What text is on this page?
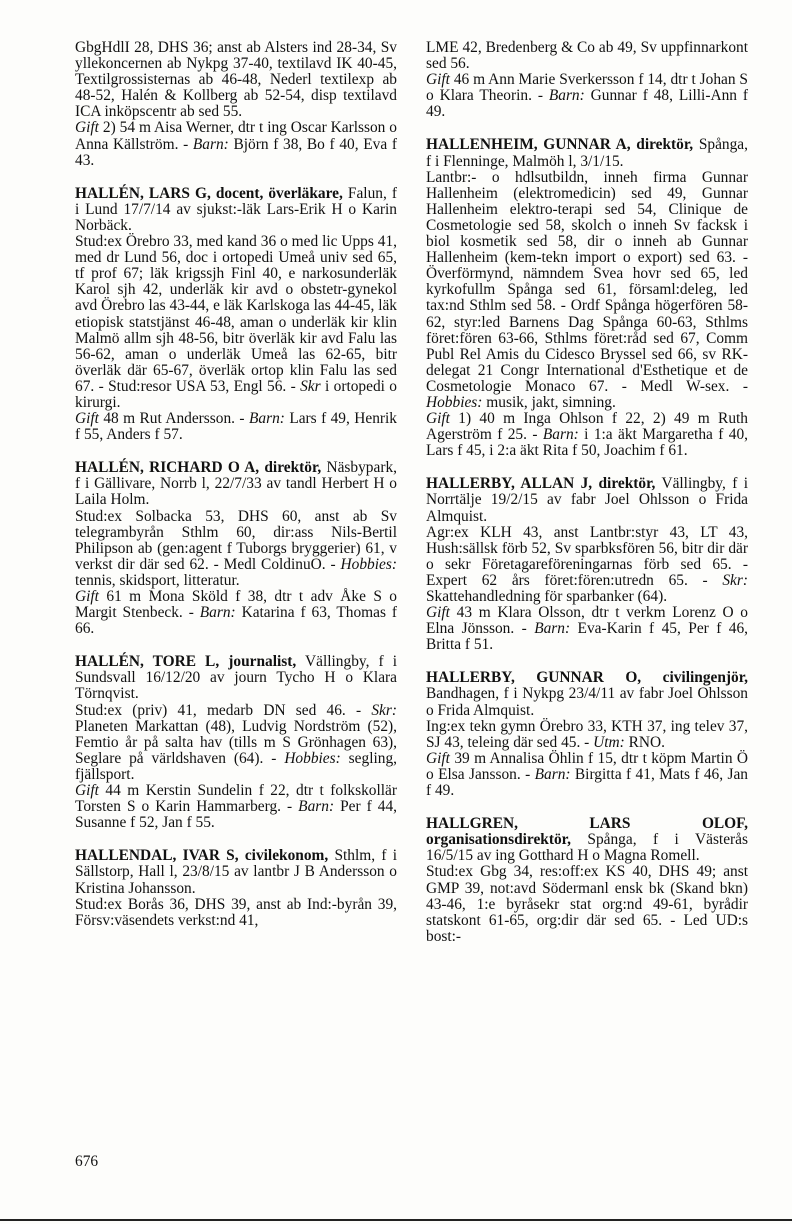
GbgHdlI 28, DHS 36; anst ab Alsters ind 28-34, Sv yllekoncernen ab Nykpg 37-40, textilavd IK 40-45, Textilgrossisternas ab 46-48, Nederl textilexp ab 48-52, Halén & Kollberg ab 52-54, disp textilavd ICA inköpscentr ab sed 55.

Gift 2) 54 m Aisa Werner, dtr t ing Oscar Karlsson o Anna Källström. - Barn: Björn f 38, Bo f 40, Eva f 43.

HALLÉN, LARS G, docent, överläkare, Falun, f i Lund 17/7/14 av sjukst:-läk Lars-Erik H o Karin Norbäck.

Stud:ex Örebro 33, med kand 36 o med lic Upps 41, med dr Lund 56, doc i ortopedi Umeå univ sed 65, tf prof 67; läk krigssjh Finl 40, e narkosunderläk Karol sjh 42, underläk kir avd o obstetr-gynekol avd Örebro las 43-44, e läk Karlskoga las 44-45, läk etiopisk statstjänst 46-48, aman o underläk kir klin Malmö allm sjh 48-56, bitr överläk kir avd Falu las 56-62, aman o underläk Umeå las 62-65, bitr överläk där 65-67, överläk ortop klin Falu las sed 67. - Stud:resor USA 53, Engl 56. - Skr i ortopedi o kirurgi.

Gift 48 m Rut Andersson. - Barn: Lars f 49, Henrik f 55, Anders f 57.

HALLÉN, RICHARD O A, direktör, Näsbypark, f i Gällivare, Norrb l, 22/7/33 av tandl Herbert H o Laila Holm.

Stud:ex Solbacka 53, DHS 60, anst ab Sv telegrambyrån Sthlm 60, dir:ass Nils-Bertil Philipson ab (gen:agent f Tuborgs bryggerier) 61, v verkst dir där sed 62. - Medl ColdinuO. - Hobbies: tennis, skidsport, litteratur.

Gift 61 m Mona Sköld f 38, dtr t adv Åke S o Margit Stenbeck. - Barn: Katarina f 63, Thomas f 66.

HALLÉN, TORE L, journalist, Vällingby, f i Sundsvall 16/12/20 av journ Tycho H o Klara Törnqvist.

Stud:ex (priv) 41, medarb DN sed 46. - Skr: Planeten Markattan (48), Ludvig Nordström (52), Femtio år på salta hav (tills m S Grönhagen 63), Seglare på världshaven (64). - Hobbies: segling, fjällsport.

Gift 44 m Kerstin Sundelin f 22, dtr t folkskollär Torsten S o Karin Hammarberg. - Barn: Per f 44, Susanne f 52, Jan f 55.

HALLENDAL, IVAR S, civilekonom, Sthlm, f i Sällstorp, Hall l, 23/8/15 av lantbr J B Andersson o Kristina Johansson.

Stud:ex Borås 36, DHS 39, anst ab Ind:-byrån 39, Försv:väsendets verkst:nd 41,

LME 42, Bredenberg & Co ab 49, Sv uppfinnarkont sed 56.

Gift 46 m Ann Marie Sverkersson f 14, dtr t Johan S o Klara Theorin. - Barn: Gunnar f 48, Lilli-Ann f 49.

HALLENHEIM, GUNNAR A, direktör, Spånga, f i Flenninge, Malmöh l, 3/1/15.

Lantbr:- o hdlsutbildn, inneh firma Gunnar Hallenheim (elektromedicin) sed 49, Gunnar Hallenheim elektro-terapi sed 54, Clinique de Cosmetologie sed 58, skolch o inneh Sv facksk i biol kosmetik sed 58, dir o inneh ab Gunnar Hallenheim (kem-tekn import o export) sed 63. - Överförmynd, nämndem Svea hovr sed 65, led kyrkofullm Spånga sed 61, församl:deleg, led tax:nd Sthlm sed 58. - Ordf Spånga högerfören 58-62, styr:led Barnens Dag Spånga 60-63, Sthlms föret:fören 63-66, Sthlms föret:råd sed 67, Comm Publ Rel Amis du Cidesco Bryssel sed 66, sv RK-delegat 21 Congr International d'Esthetique et de Cosmetologie Monaco 67. - Medl W-sex. - Hobbies: musik, jakt, simning.

Gift 1) 40 m Inga Ohlson f 22, 2) 49 m Ruth Agerström f 25. - Barn: i 1:a äkt Margaretha f 40, Lars f 45, i 2:a äkt Rita f 50, Joachim f 61.

HALLERBY, ALLAN J, direktör, Vällingby, f i Norrtälje 19/2/15 av fabr Joel Ohlsson o Frida Almquist.

Agr:ex KLH 43, anst Lantbr:styr 43, LT 43, Hush:sällsk förb 52, Sv sparbksfören 56, bitr dir där o sekr Företagareföreningarnas förb sed 65. - Expert 62 års föret:fören:utredn 65. - Skr: Skattehandledning för sparbanker (64).

Gift 43 m Klara Olsson, dtr t verkm Lorenz O o Elna Jönsson. - Barn: Eva-Karin f 45, Per f 46, Britta f 51.

HALLERBY, GUNNAR O, civilingenjör, Bandhagen, f i Nykpg 23/4/11 av fabr Joel Ohlsson o Frida Almquist.

Ing:ex tekn gymn Örebro 33, KTH 37, ing telev 37, SJ 43, teleing där sed 45. - Utm: RNO.

Gift 39 m Annalisa Öhlin f 15, dtr t köpm Martin Ö o Elsa Jansson. - Barn: Birgitta f 41, Mats f 46, Jan f 49.

HALLGREN, LARS OLOF, organisationsdirektör, Spånga, f i Västerås 16/5/15 av ing Gotthard H o Magna Romell.

Stud:ex Gbg 34, res:off:ex KS 40, DHS 49; anst GMP 39, not:avd Södermanl ensk bk (Skand bkn) 43-46, 1:e byråsekr stat org:nd 49-61, byrådir statskont 61-65, org:dir där sed 65. - Led UD:s bost:-

676
